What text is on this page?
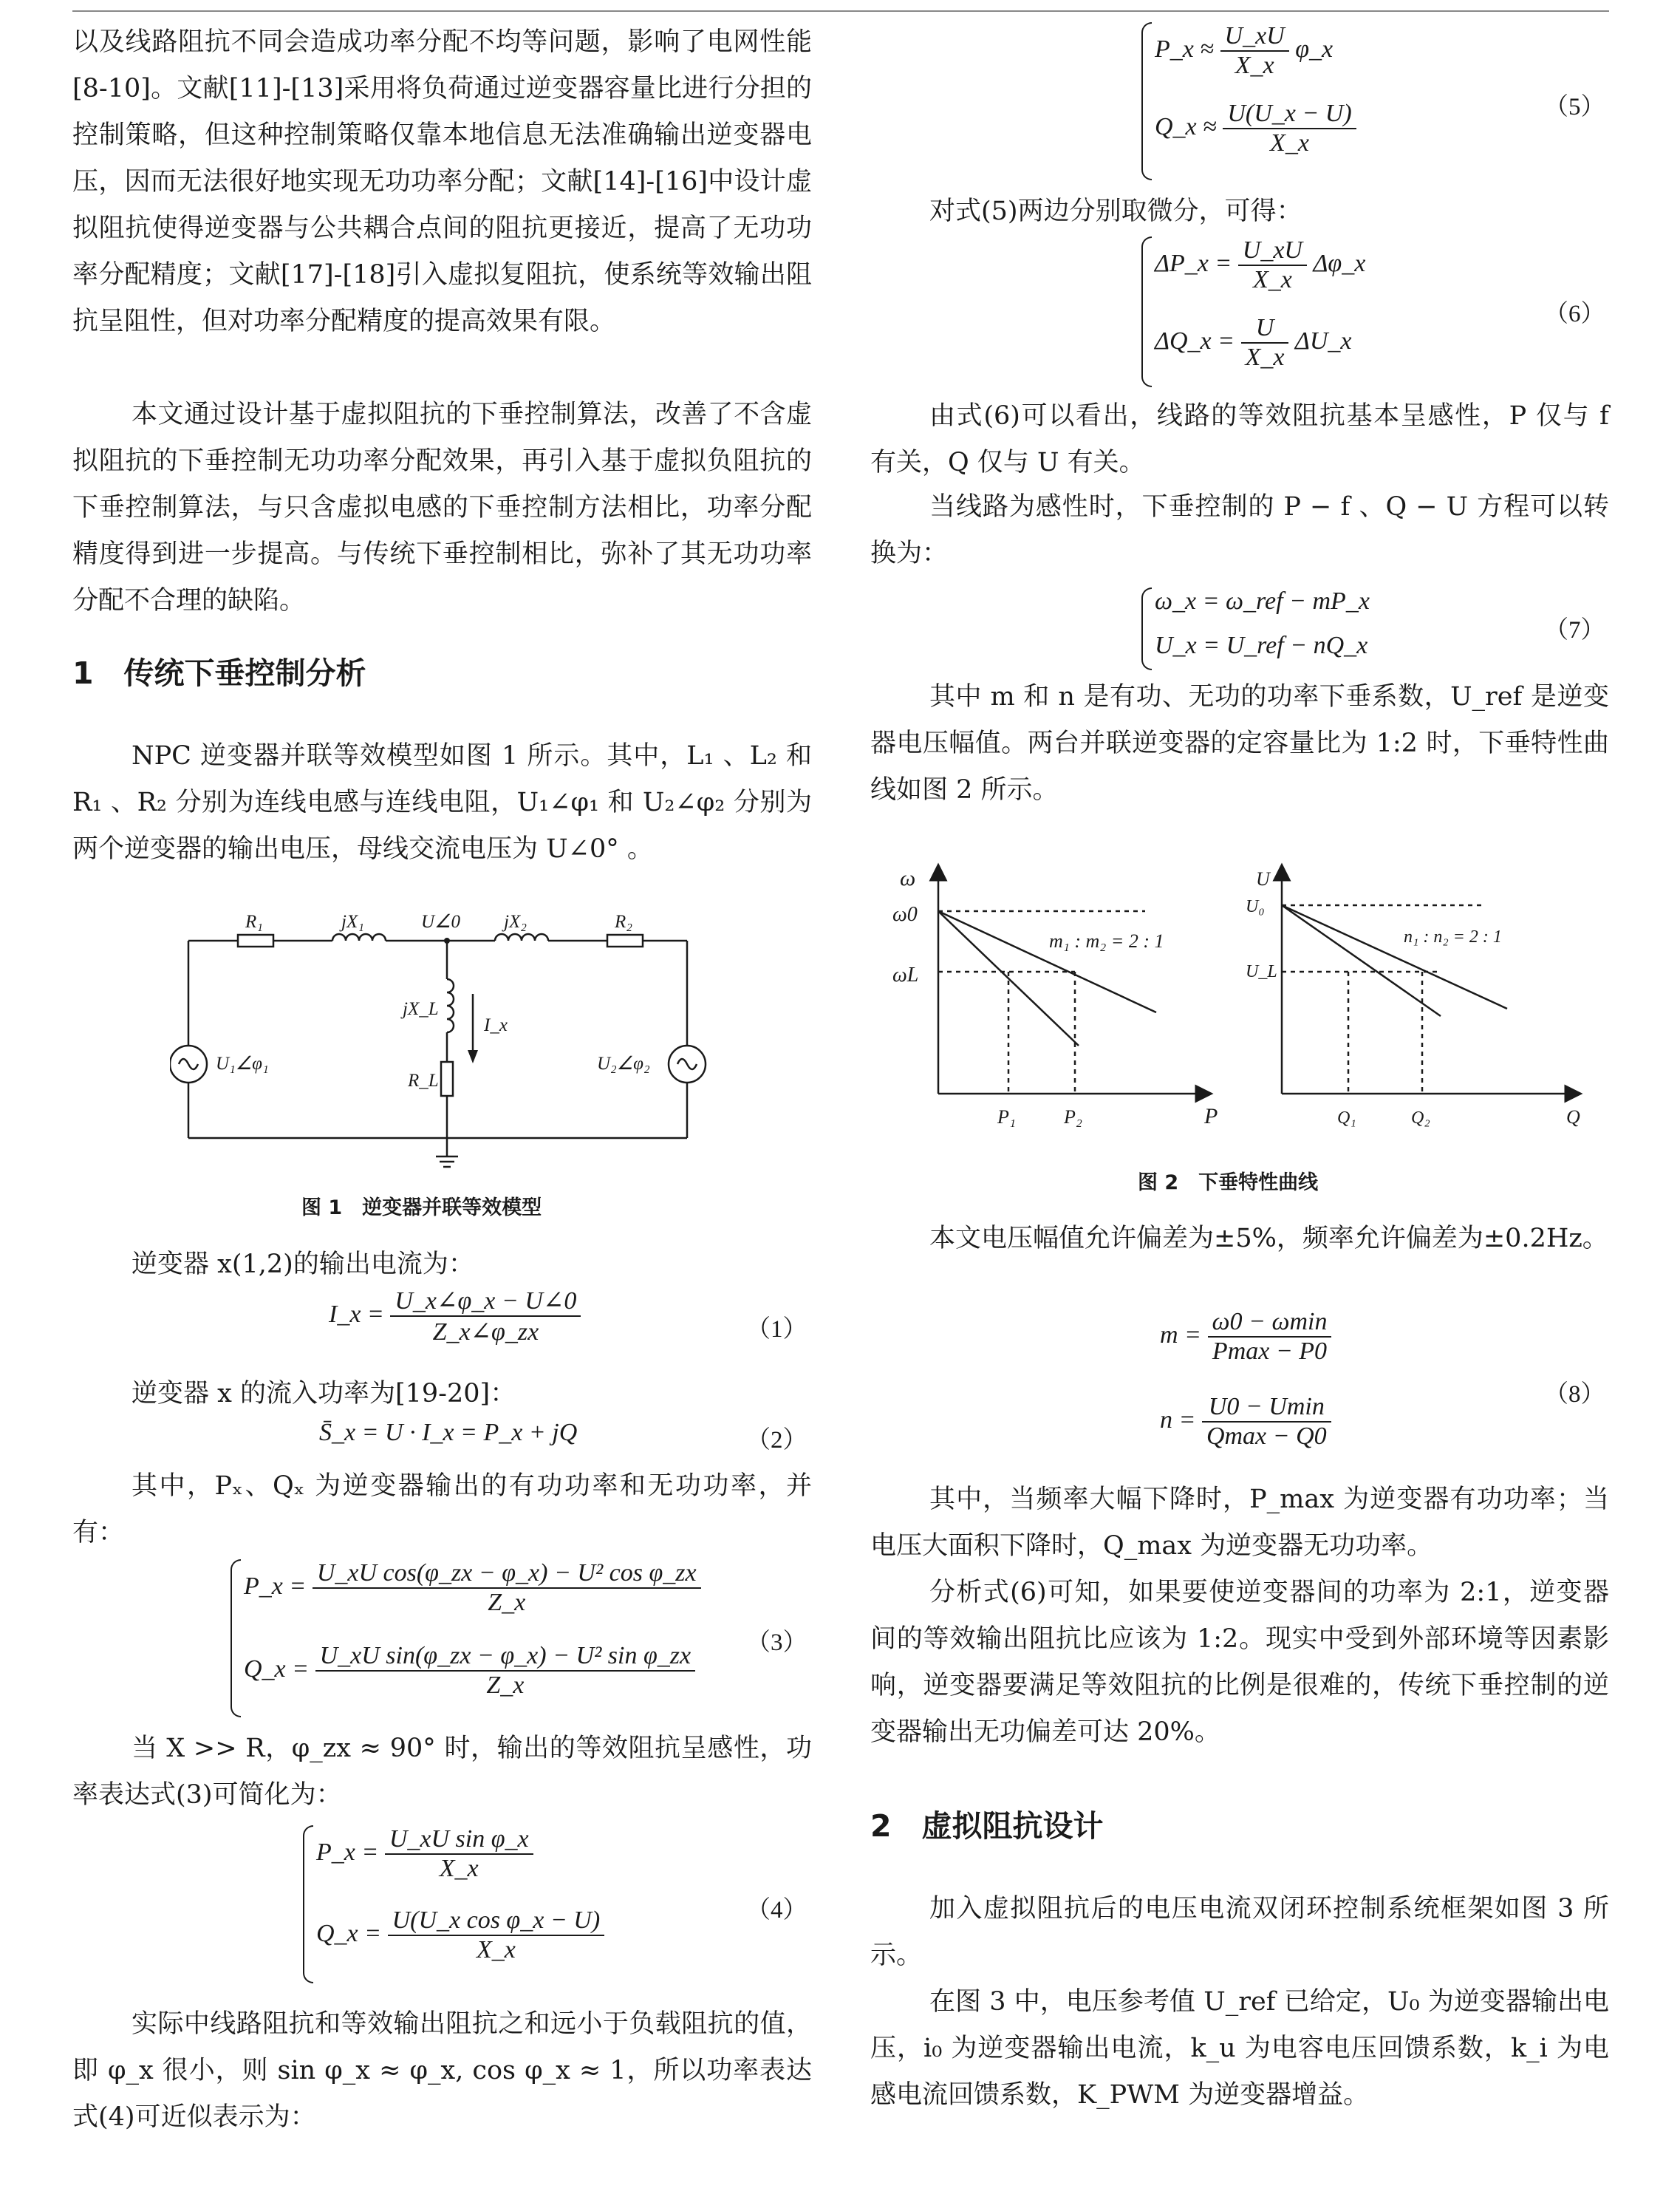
以及线路阻抗不同会造成功率分配不均等问题，影响了电网性能[8-10]。文献[11]-[13]采用将负荷通过逆变器容量比进行分担的控制策略，但这种控制策略仅靠本地信息无法准确输出逆变器电压，因而无法很好地实现无功功率分配；文献[14]-[16]中设计虚拟阻抗使得逆变器与公共耦合点间的阻抗更接近，提高了无功功率分配精度；文献[17]-[18]引入虚拟复阻抗，使系统等效输出阻抗呈阻性，但对功率分配精度的提高效果有限。

本文通过设计基于虚拟阻抗的下垂控制算法，改善了不含虚拟阻抗的下垂控制无功功率分配效果，再引入基于虚拟负阻抗的下垂控制算法，与只含虚拟电感的下垂控制方法相比，功率分配精度得到进一步提高。与传统下垂控制相比，弥补了其无功功率分配不合理的缺陷。

1　传统下垂控制分析

NPC 逆变器并联等效模型如图 1 所示。其中，L₁ 、L₂ 和 R₁ 、R₂ 分别为连线电感与连线电阻，U₁∠φ₁ 和 U₂∠φ₂ 分别为两个逆变器的输出电压，母线交流电压为 U∠0° 。

R₁	jX₁	U∠0 jX₂	R₂
jX_L
I_x
R_L
U₁∠φ₁	U₂∠φ₂
图 1　逆变器并联等效模型

逆变器 x(1,2)的输出电流为：

I_x = $\frac{U\_x\angle\varphi\_x - U\angle 0}{Z\_x\angle\varphi\_zx}$	（1）

逆变器 x 的流入功率为[19-20]：

S̄_x = U · I_x = P_x + jQ	（2）

其中，Pₓ、Qₓ 为逆变器输出的有功功率和无功功率，并有：

P_x = $\frac{\text{U\_xU cos(φ\_zx − φ\_x) − U² cos φ\_zx}}{Z\_x}$
Q_x = $\frac{\text{U\_xU sin(φ\_zx − φ\_x) − U² sin φ\_zx}}{Z\_x} (3)$

当 X >> R，φ_zx ≈ 90° 时，输出的等效阻抗呈感性，功率表达式(3)可简化为：

P_x = $\frac{\text{U\_xU sin φ\_x}}{X\_x}$
Q_x = $\frac{\text{U(U\_x cos φ\_x − U)}}{X\_x}$	（4）

实际中线路阻抗和等效输出阻抗之和远小于负载阻抗的值，即 φ_x 很小，则 sin φ_x ≈ φ_x, cos φ_x ≈ 1，所以功率表达式(4)可近似表示为：

P_x ≈ $\frac{U\_xU}{X\_x}$ φ_x
Q_x ≈ $\frac{U(U\_x - U)}{X\_x}$	（5）

对式(5)两边分别取微分，可得：

ΔP_x = $\frac{U\_xU}{X\_x}$ Δφ_x
ΔQ_x = $\frac{U}{X\_x}$ ΔU_x
（6）

由式(6)可以看出，线路的等效阻抗基本呈感性，P 仅与 f 有关，Q 仅与 U 有关。

当线路为感性时，下垂控制的 P − f 、Q − U 方程可以转换为：

ω_x = ω_ref − mP_x
U_x = U_ref − nQ_x
（7）

其中 m 和 n 是有功、无功的功率下垂系数，U_ref 是逆变器电压幅值。两台并联逆变器的定容量比为 1:2 时，下垂特性曲线如图 2 所示。

ω
ω0
ωL
m₁ : m₂ = 2 : 1
P₁	P₂	P
U
U₀
U_L
n₁ : n₂ = 2 : 1
Q₁	Q₂	Q
图 2　下垂特性曲线

本文电压幅值允许偏差为±5%，频率允许偏差为±0.2Hz。

$m = \frac{\omega 0 - \omega\min}{Pmax - P0}$
$n = \frac{U0 - Umin}{Qmax - Q0}$	（8）

其中，当频率大幅下降时，P_max 为逆变器有功功率；当电压大面积下降时，Q_max 为逆变器无功功率。

分析式(6)可知，如果要使逆变器间的功率为 2:1，逆变器间的等效输出阻抗比应该为 1:2。现实中受到外部环境等因素影响，逆变器要满足等效阻抗的比例是很难的，传统下垂控制的逆变器输出无功偏差可达 20%。

2　虚拟阻抗设计

加入虚拟阻抗后的电压电流双闭环控制系统框架如图 3 所示。

在图 3 中，电压参考值 U_ref 已给定，U₀ 为逆变器输出电压，i₀ 为逆变器输出电流，k_u 为电容电压回馈系数，k_i 为电感电流回馈系数，K_PWM 为逆变器增益。
